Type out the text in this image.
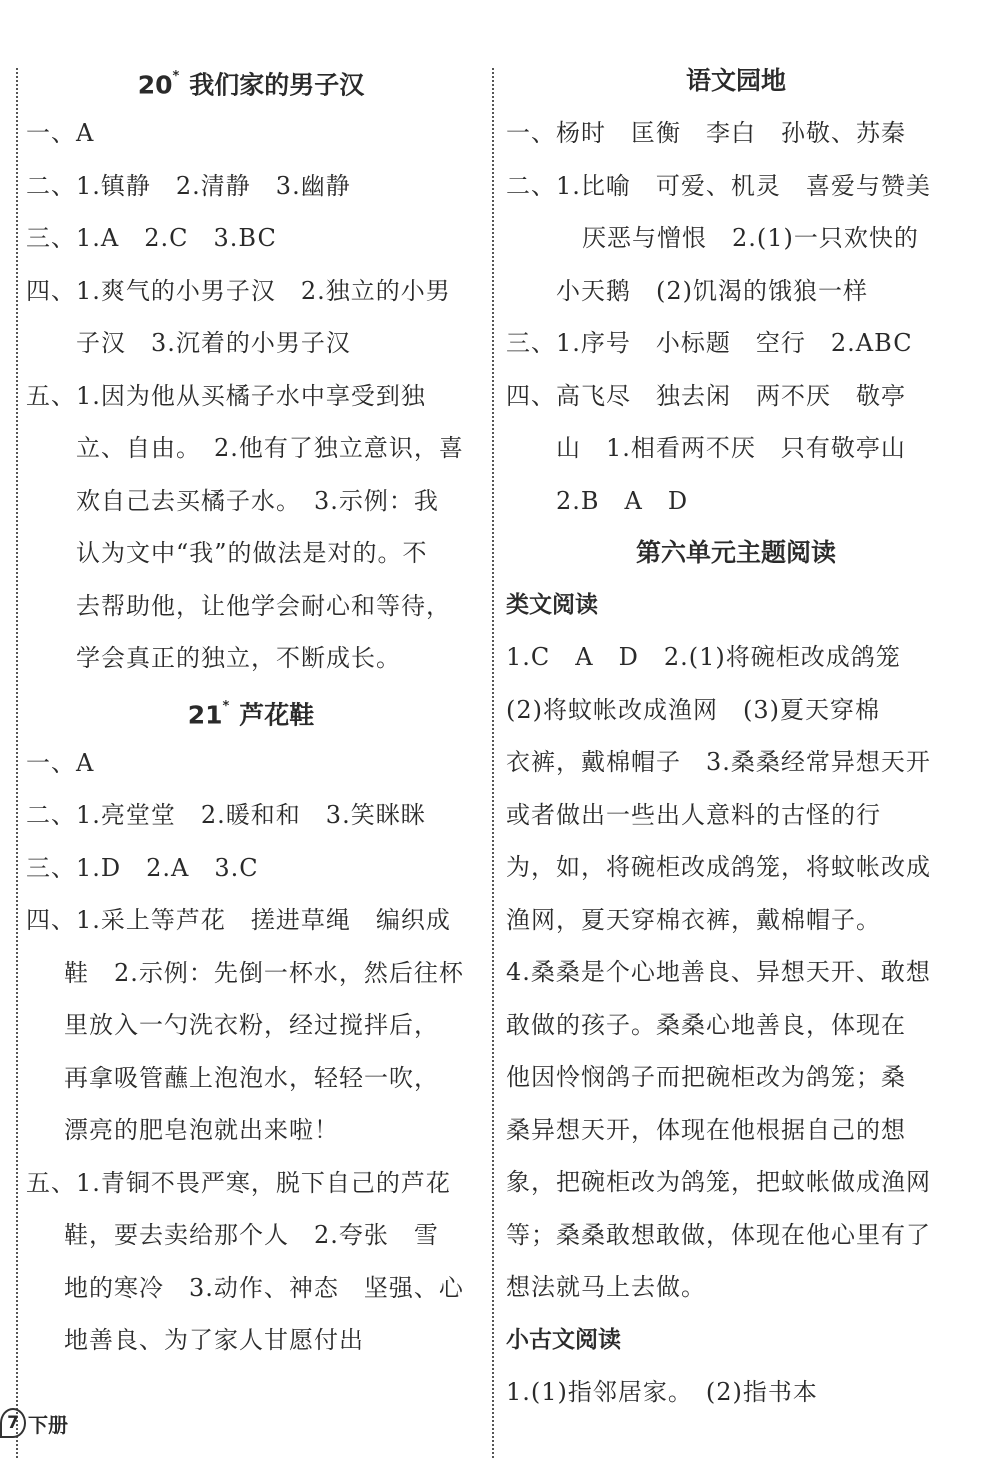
20* 我们家的男子汉
一、A
二、1.镇静　2.清静　3.幽静
三、1.A　2.C　3.BC
四、1.爽气的小男子汉　2.独立的小男
子汉　3.沉着的小男子汉
五、1.因为他从买橘子水中享受到独
立、自由。　2.他有了独立意识，喜
欢自己去买橘子水。　3.示例：我
认为文中“我”的做法是对的。不
去帮助他，让他学会耐心和等待，
学会真正的独立，不断成长。
21* 芦花鞋
一、A
二、1.亮堂堂　2.暖和和　3.笑眯眯
三、1.D　2.A　3.C
四、1.采上等芦花　搓进草绳　编织成
鞋　2.示例：先倒一杯水，然后往杯
里放入一勺洗衣粉，经过搅拌后，
再拿吸管蘸上泡泡水，轻轻一吹，
漂亮的肥皂泡就出来啦！
五、1.青铜不畏严寒，脱下自己的芦花
鞋，要去卖给那个人　2.夸张　雪
地的寒冷　3.动作、神态　坚强、心
地善良、为了家人甘愿付出
语文园地
一、杨时　匡衡　李白　孙敬、苏秦
二、1.比喻　可爱、机灵　喜爱与赞美
厌恶与憎恨　2.(1)一只欢快的
小天鹅　(2)饥渴的饿狼一样
三、1.序号　小标题　空行　2.ABC
四、高飞尽　独去闲　两不厌　敬亭
山　1.相看两不厌　只有敬亭山
2.B　A　D
第六单元主题阅读
类文阅读
1.C　A　D　2.(1)将碗柜改成鸽笼
(2)将蚊帐改成渔网　(3)夏天穿棉
衣裤，戴棉帽子　3.桑桑经常异想天开
或者做出一些出人意料的古怪的行
为，如，将碗柜改成鸽笼，将蚊帐改成
渔网，夏天穿棉衣裤，戴棉帽子。
4.桑桑是个心地善良、异想天开、敢想
敢做的孩子。桑桑心地善良，体现在
他因怜悯鸽子而把碗柜改为鸽笼；桑
桑异想天开，体现在他根据自己的想
象，把碗柜改为鸽笼，把蚊帐做成渔网
等；桑桑敢想敢做，体现在他心里有了
想法就马上去做。
小古文阅读
1.(1)指邻居家。　(2)指书本
7 下册
